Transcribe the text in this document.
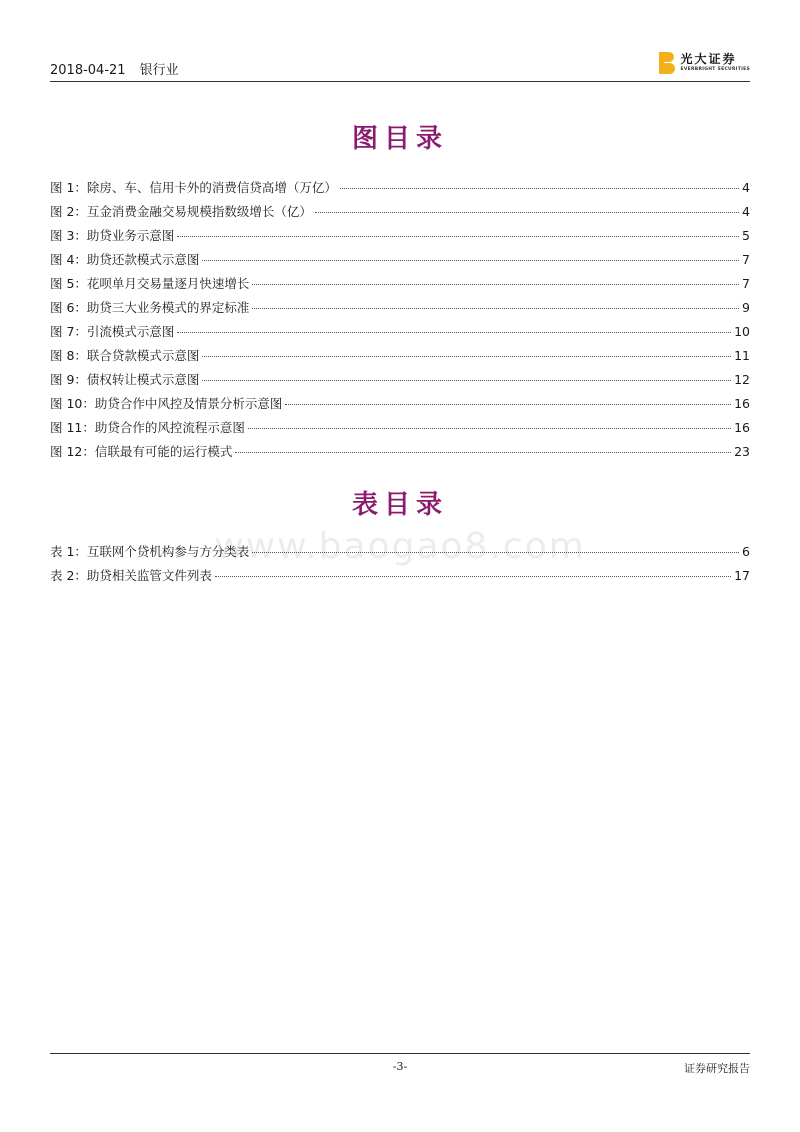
2018-04-21 银行业
光大证券
EVERBRIGHT SECURITIES
图目录
图 1：除房、车、信用卡外的消费信贷高增（万亿）	4
图 2：互金消费金融交易规模指数级增长（亿）	4
图 3：助贷业务示意图	5
图 4：助贷还款模式示意图	7
图 5：花呗单月交易量逐月快速增长	7
图 6：助贷三大业务模式的界定标准	9
图 7：引流模式示意图	10
图 8：联合贷款模式示意图	11
图 9：债权转让模式示意图	12
图 10：助贷合作中风控及情景分析示意图	16
图 11：助贷合作的风控流程示意图	16
图 12：信联最有可能的运行模式	23
表目录
www.baogao8.com
表 1：互联网个贷机构参与方分类表	6
表 2：助贷相关监管文件列表	17
-3-	证券研究报告
